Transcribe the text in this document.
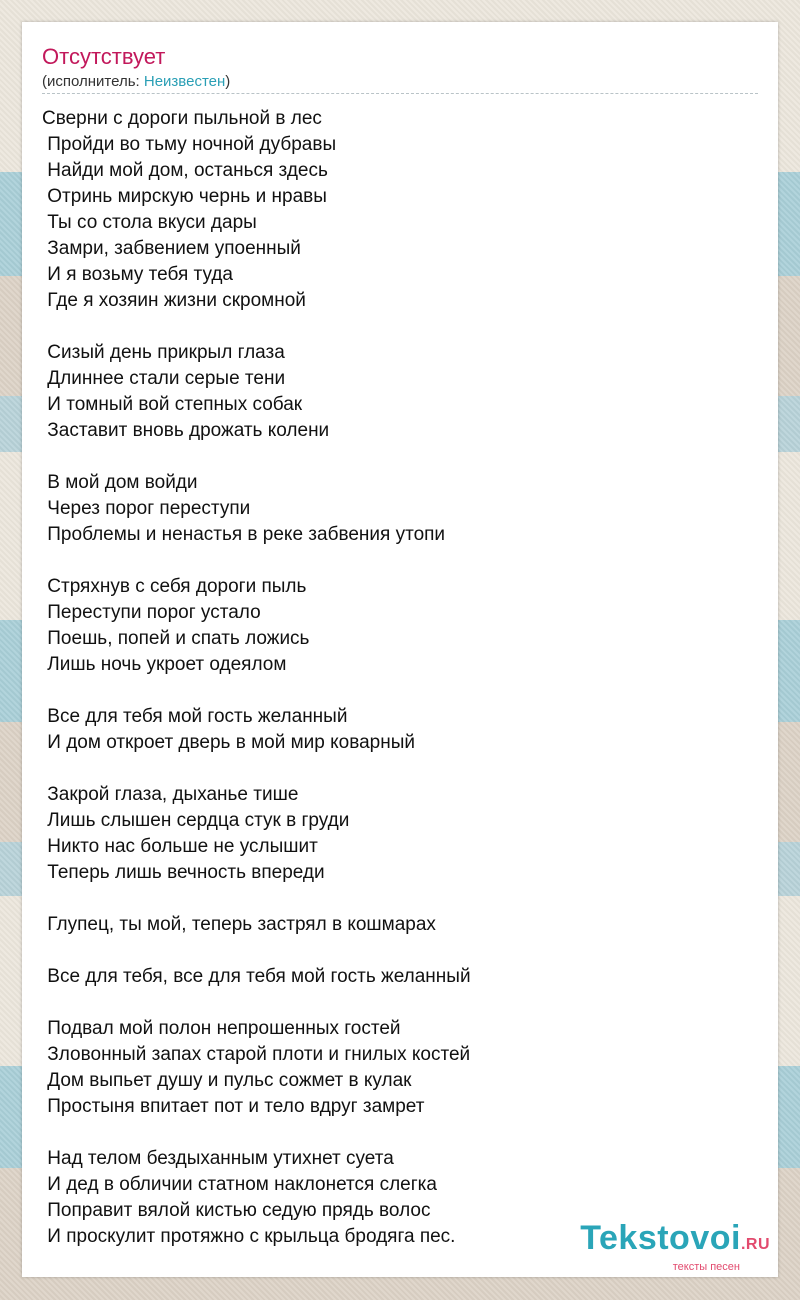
Отсутствует
(исполнитель: Неизвестен)
Сверни с дороги пыльной в лес
Пройди во тьму ночной дубравы
Найди мой дом, останься здесь
Отринь мирскую чернь и нравы
Ты со стола вкуси дары
Замри, забвением упоенный
И я возьму тебя туда
Где я хозяин жизни скромной

Сизый день прикрыл глаза
Длиннее стали серые тени
И томный вой степных собак
Заставит вновь дрожать колени

В мой дом войди
Через порог переступи
Проблемы и ненастья в реке забвения утопи

Стряхнув с себя дороги пыль
Переступи порог устало
Поешь, попей и спать ложись
Лишь ночь укроет одеялом

Все для тебя мой гость желанный
И дом откроет дверь в мой мир коварный

Закрой глаза, дыханье тише
Лишь слышен сердца стук в груди
Никто нас больше не услышит
Теперь лишь вечность впереди

Глупец, ты мой, теперь застрял в кошмарах

Все для тебя, все для тебя мой гость желанный

Подвал мой полон непрошенных гостей
Зловонный запах старой плоти и гнилых костей
Дом выпьет душу и пульс сожмет в кулак
Простыня впитает пот и тело вдруг замрет

Над телом бездыханным утихнет суета
И дед в обличии статном наклонется слегка
Поправит вялой кистью седую прядь волос
И проскулит протяжно с крыльца бродяга пес.	Tekstovoi.RU
тексты песен
